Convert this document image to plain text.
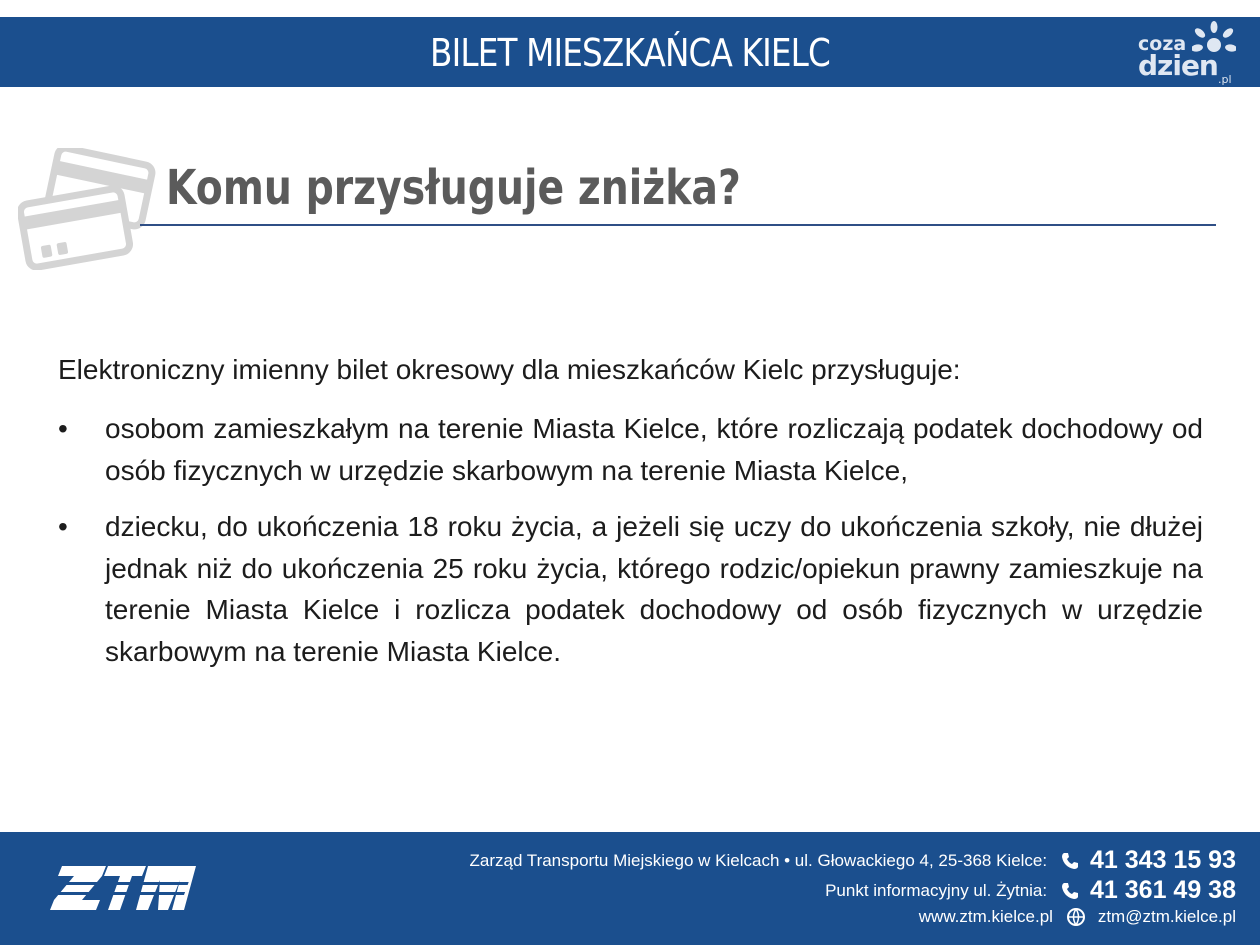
BILET MIESZKAŃCA KIELC	coza
dzien .pl
Komu przysługuje zniżka?

Elektroniczny imienny bilet okresowy dla mieszkańców Kielc przysługuje:

• osobom zamieszkałym na terenie Miasta Kielce, które rozliczają podatek dochodowy od osób fizycznych w urzędzie skarbowym na terenie Miasta Kielce,
• dziecku, do ukończenia 18 roku życia, a jeżeli się uczy do ukończenia szkoły, nie dłużej jednak niż do ukończenia 25 roku życia, którego rodzic/opiekun prawny zamieszkuje na terenie Miasta Kielce i rozlicza podatek dochodowy od osób fizycznych w urzędzie skarbowym na terenie Miasta Kielce.
Zarząd Transportu Miejskiego w Kielcach • ul. Głowackiego 4, 25-368 Kielce: 41 343 15 93
Punkt informacyjny ul. Żytnia: 41 361 49 38
www.ztm.kielce.pl	ztm@ztm.kielce.pl
